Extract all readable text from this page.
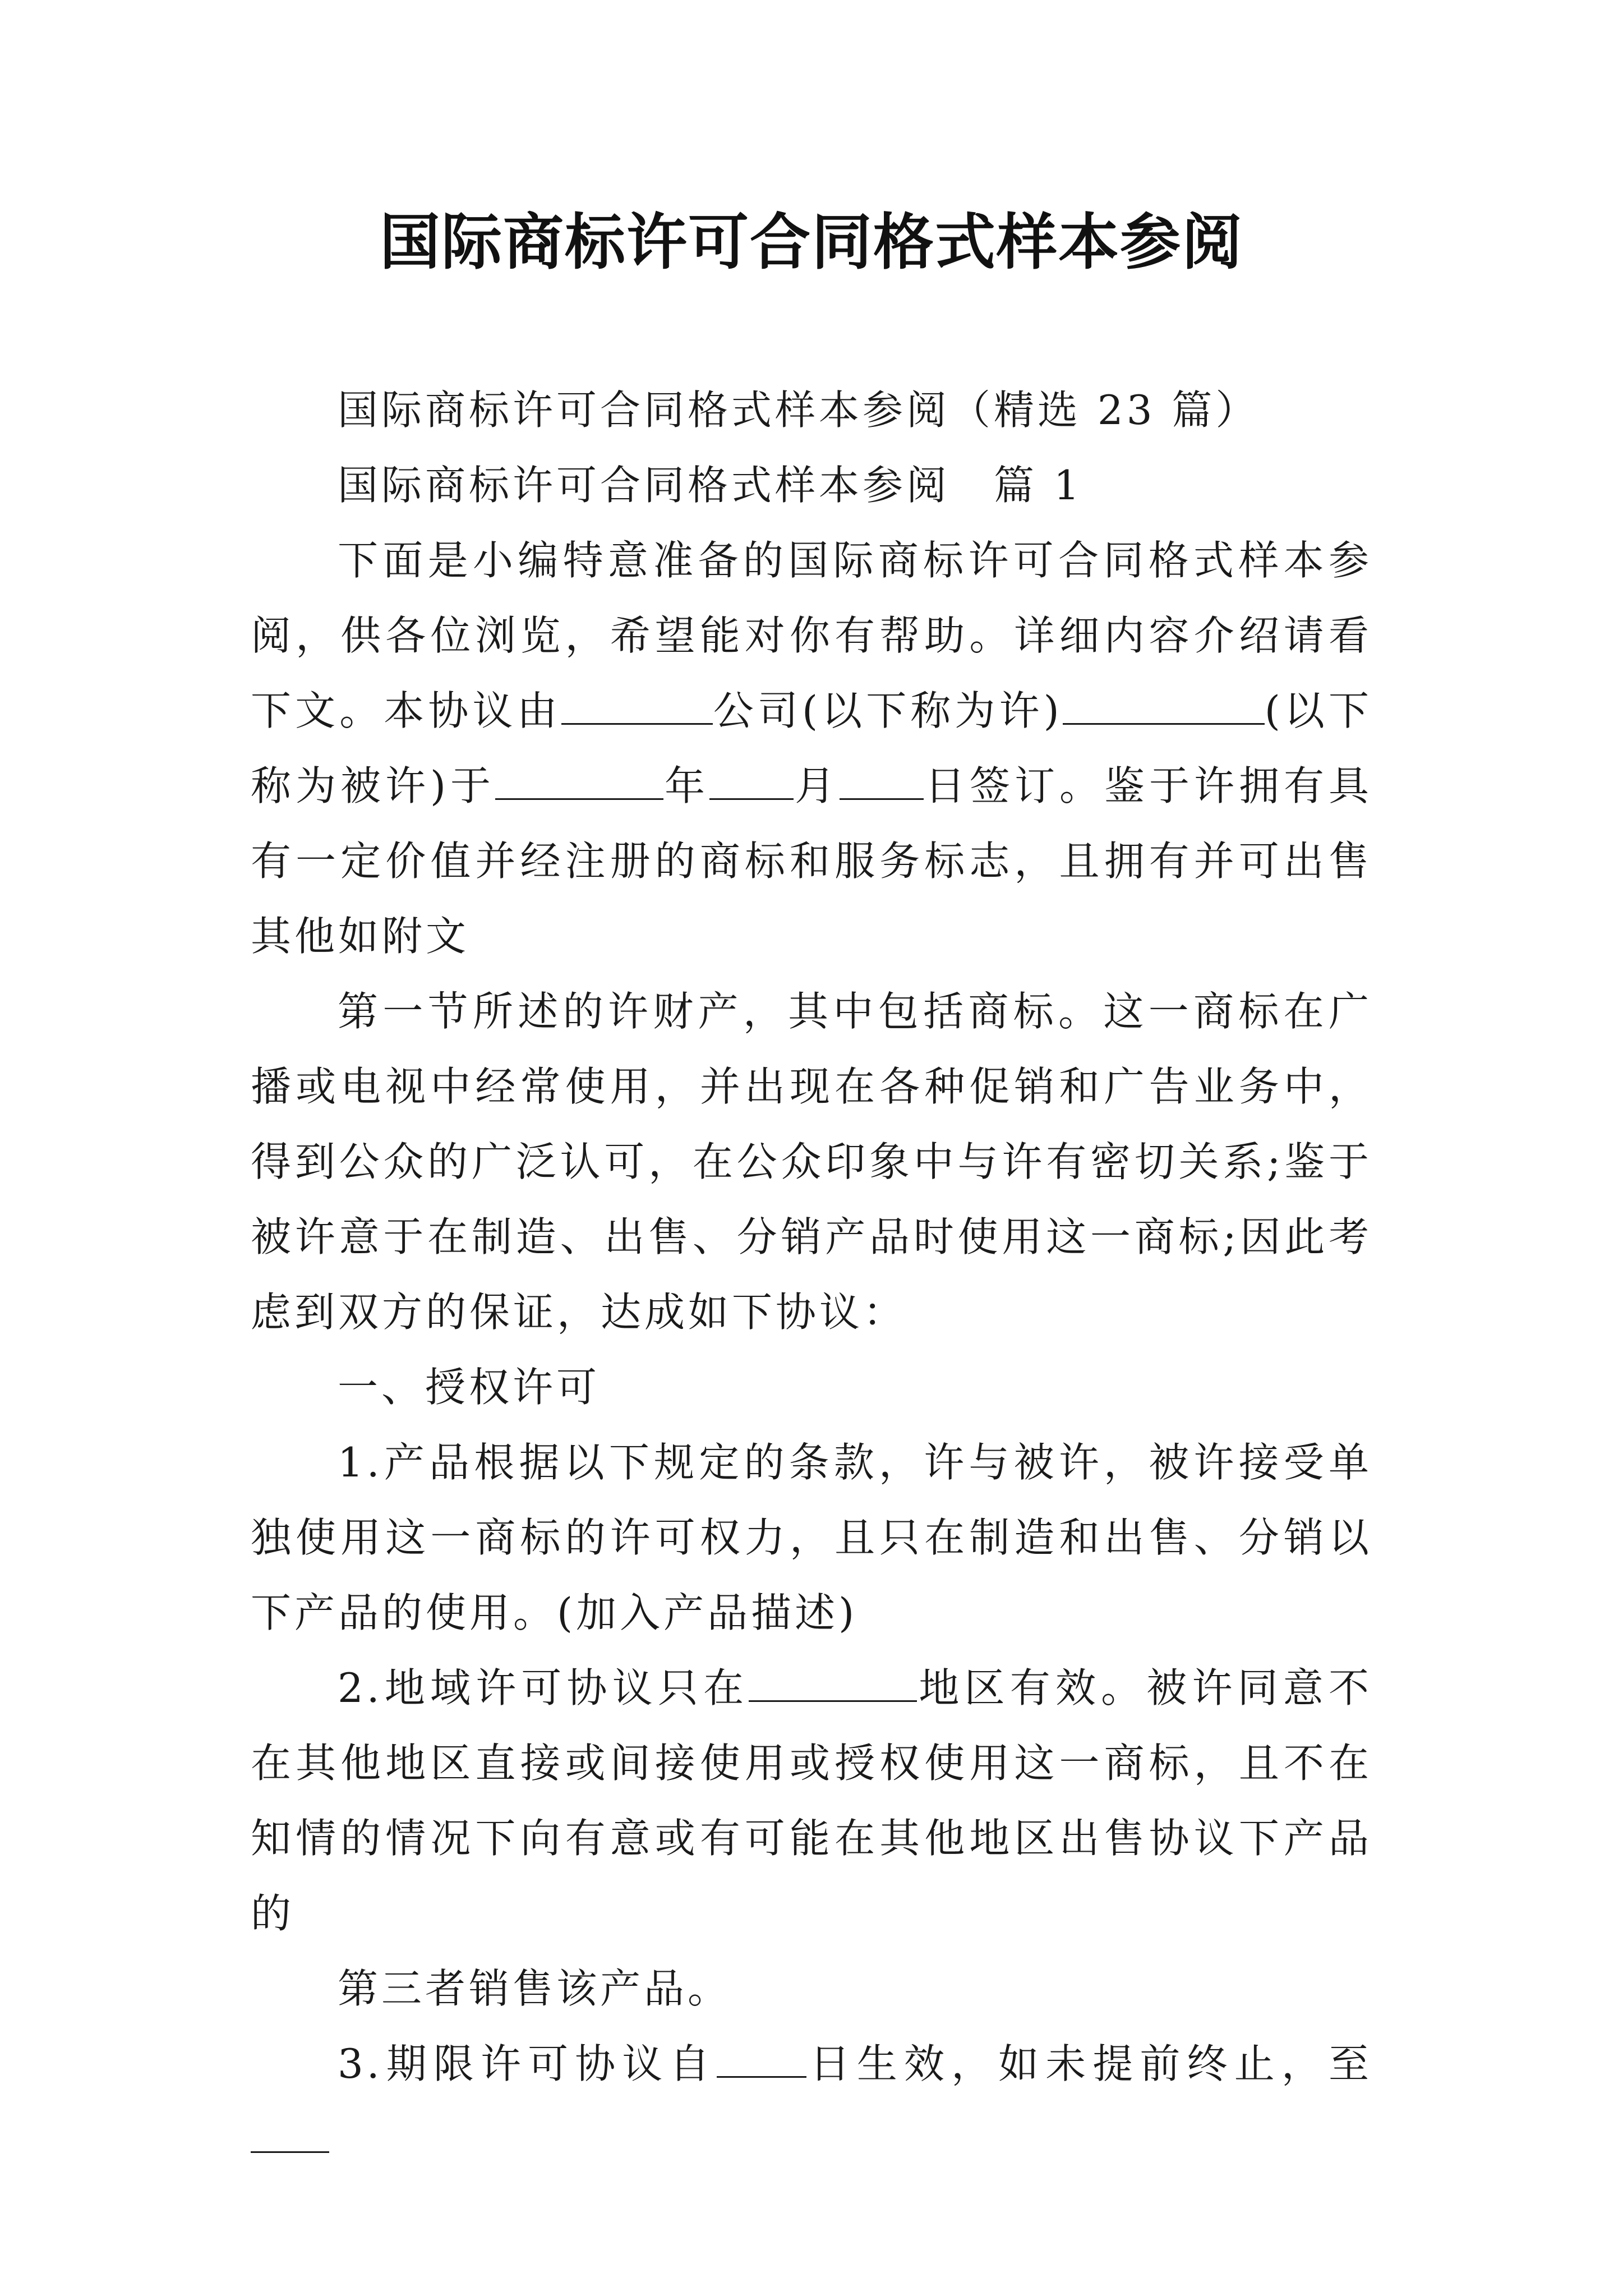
国际商标许可合同格式样本参阅

国际商标许可合同格式样本参阅（精选 23 篇）

国际商标许可合同格式样本参阅　篇 1

下面是小编特意准备的国际商标许可合同格式样本参阅，供各位浏览，希望能对你有帮助。详细内容介绍请看下文。本协议由	公司(以下称为许)	(以下称为被许)于	年 月 日签订。鉴于许拥有具有一定价值并经注册的商标和服务标志，且拥有并可出售其他如附文

第一节所述的许财产，其中包括商标。这一商标在广播或电视中经常使用，并出现在各种促销和广告业务中，得到公众的广泛认可，在公众印象中与许有密切关系;鉴于被许意于在制造、出售、分销产品时使用这一商标;因此考虑到双方的保证，达成如下协议：

一、授权许可

1.产品根据以下规定的条款，许与被许，被许接受单独使用这一商标的许可权力，且只在制造和出售、分销以下产品的使用。(加入产品描述)

2.地域许可协议只在	地区有效。被许同意不在其他地区直接或间接使用或授权使用这一商标，且不在知情的情况下向有意或有可能在其他地区出售协议下产品的

第三者销售该产品。

3.期限许可协议自 日生效，如未提前终止，至
